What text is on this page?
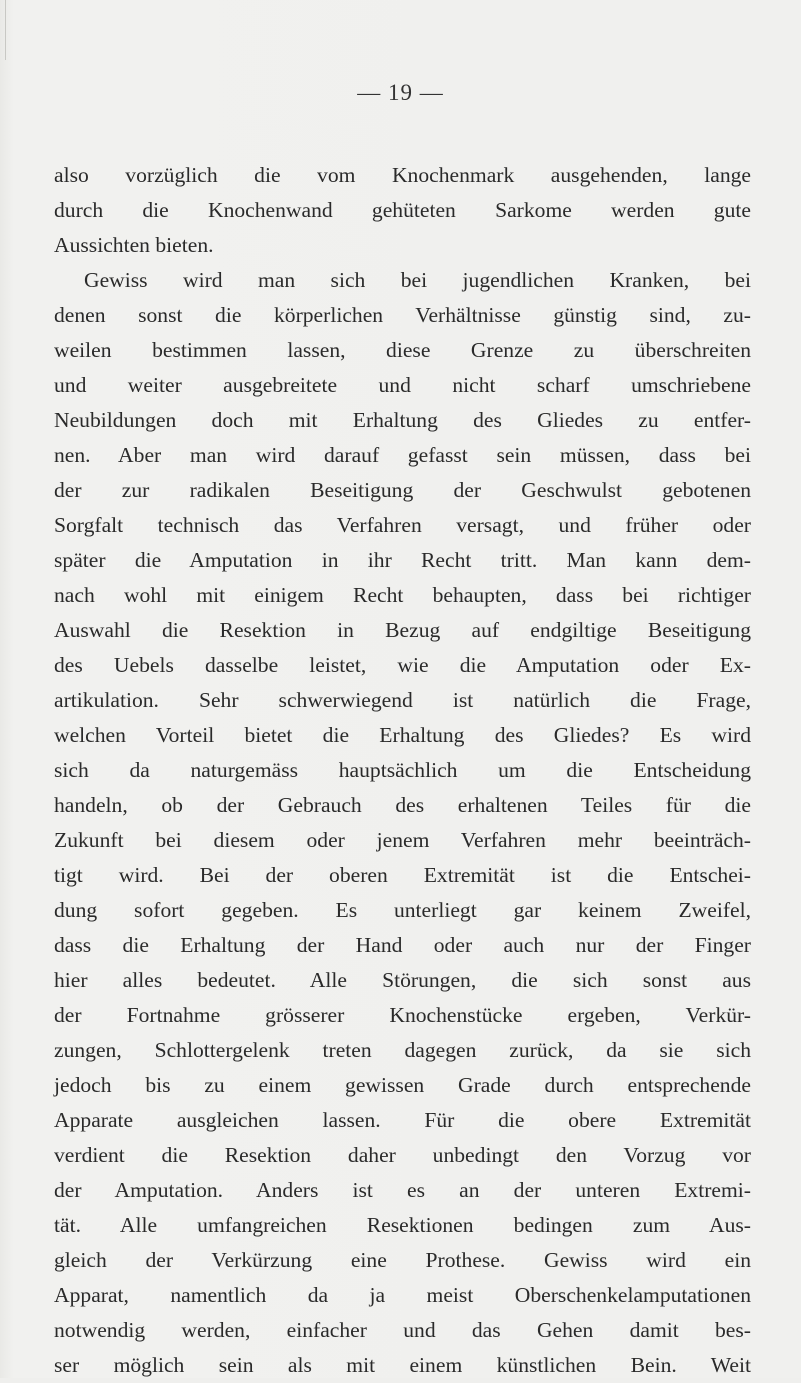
— 19 —
also vorzüglich die vom Knochenmark ausgehenden, lange
durch die Knochenwand gehüteten Sarkome werden gute
Aussichten bieten.
Gewiss wird man sich bei jugendlichen Kranken, bei
denen sonst die körperlichen Verhältnisse günstig sind, zu-
weilen bestimmen lassen, diese Grenze zu überschreiten
und weiter ausgebreitete und nicht scharf umschriebene
Neubildungen doch mit Erhaltung des Gliedes zu entfer-
nen. Aber man wird darauf gefasst sein müssen, dass bei
der zur radikalen Beseitigung der Geschwulst gebotenen
Sorgfalt technisch das Verfahren versagt, und früher oder
später die Amputation in ihr Recht tritt. Man kann dem-
nach wohl mit einigem Recht behaupten, dass bei richtiger
Auswahl die Resektion in Bezug auf endgiltige Beseitigung
des Uebels dasselbe leistet, wie die Amputation oder Ex-
artikulation. Sehr schwerwiegend ist natürlich die Frage,
welchen Vorteil bietet die Erhaltung des Gliedes? Es wird
sich da naturgemäss hauptsächlich um die Entscheidung
handeln, ob der Gebrauch des erhaltenen Teiles für die
Zukunft bei diesem oder jenem Verfahren mehr beeinträch-
tigt wird. Bei der oberen Extremität ist die Entschei-
dung sofort gegeben. Es unterliegt gar keinem Zweifel,
dass die Erhaltung der Hand oder auch nur der Finger
hier alles bedeutet. Alle Störungen, die sich sonst aus
der Fortnahme grösserer Knochenstücke ergeben, Verkür-
zungen, Schlottergelenk treten dagegen zurück, da sie sich
jedoch bis zu einem gewissen Grade durch entsprechende
Apparate ausgleichen lassen. Für die obere Extremität
verdient die Resektion daher unbedingt den Vorzug vor
der Amputation. Anders ist es an der unteren Extremi-
tät. Alle umfangreichen Resektionen bedingen zum Aus-
gleich der Verkürzung eine Prothese. Gewiss wird ein
Apparat, namentlich da ja meist Oberschenkelamputationen
notwendig werden, einfacher und das Gehen damit bes-
ser möglich sein als mit einem künstlichen Bein. Weit
